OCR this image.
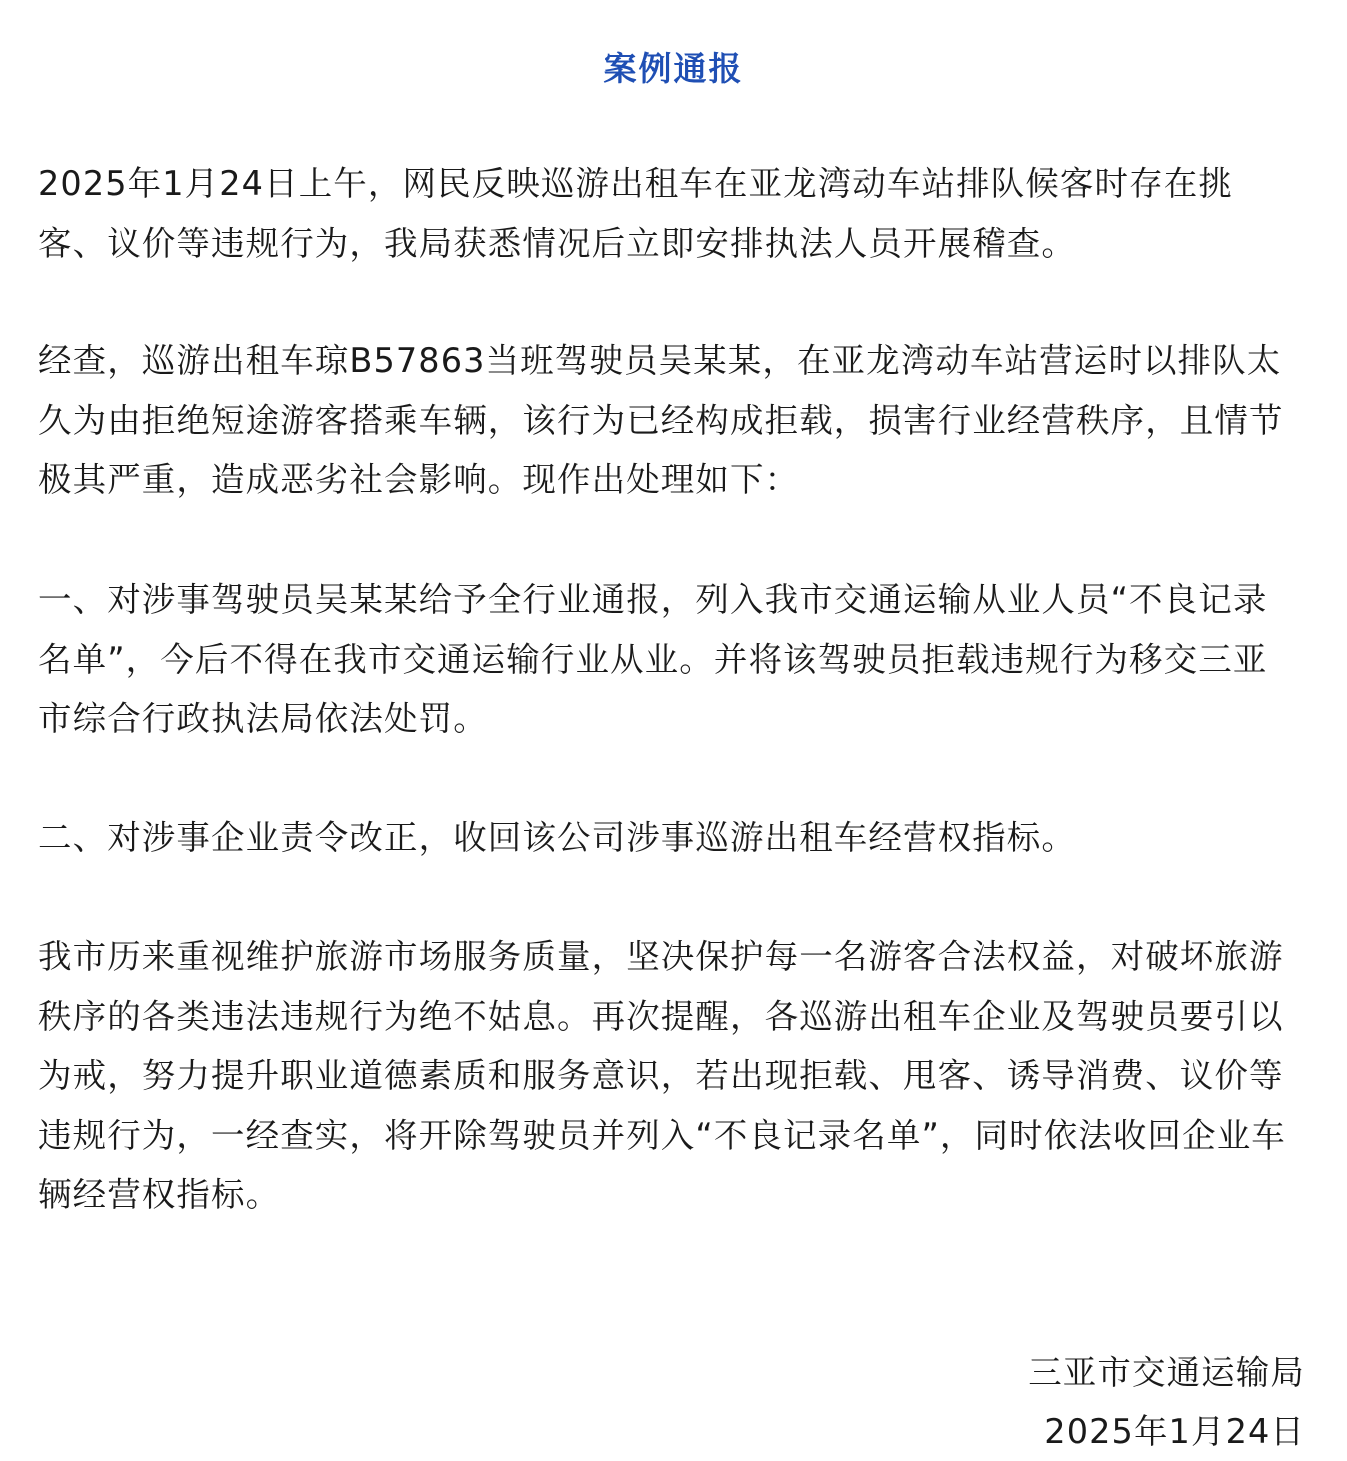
案例通报
2025年1月24日上午，网民反映巡游出租车在亚龙湾动车站排队候客时存在挑
客、议价等违规行为，我局获悉情况后立即安排执法人员开展稽查。
经查，巡游出租车琼B57863当班驾驶员吴某某，在亚龙湾动车站营运时以排队太
久为由拒绝短途游客搭乘车辆，该行为已经构成拒载，损害行业经营秩序，且情节
极其严重，造成恶劣社会影响。现作出处理如下：
一、对涉事驾驶员吴某某给予全行业通报，列入我市交通运输从业人员“不良记录
名单”，今后不得在我市交通运输行业从业。并将该驾驶员拒载违规行为移交三亚
市综合行政执法局依法处罚。
二、对涉事企业责令改正，收回该公司涉事巡游出租车经营权指标。
我市历来重视维护旅游市场服务质量，坚决保护每一名游客合法权益，对破坏旅游
秩序的各类违法违规行为绝不姑息。再次提醒，各巡游出租车企业及驾驶员要引以
为戒，努力提升职业道德素质和服务意识，若出现拒载、甩客、诱导消费、议价等
违规行为，一经查实，将开除驾驶员并列入“不良记录名单”，同时依法收回企业车
辆经营权指标。
三亚市交通运输局
2025年1月24日
